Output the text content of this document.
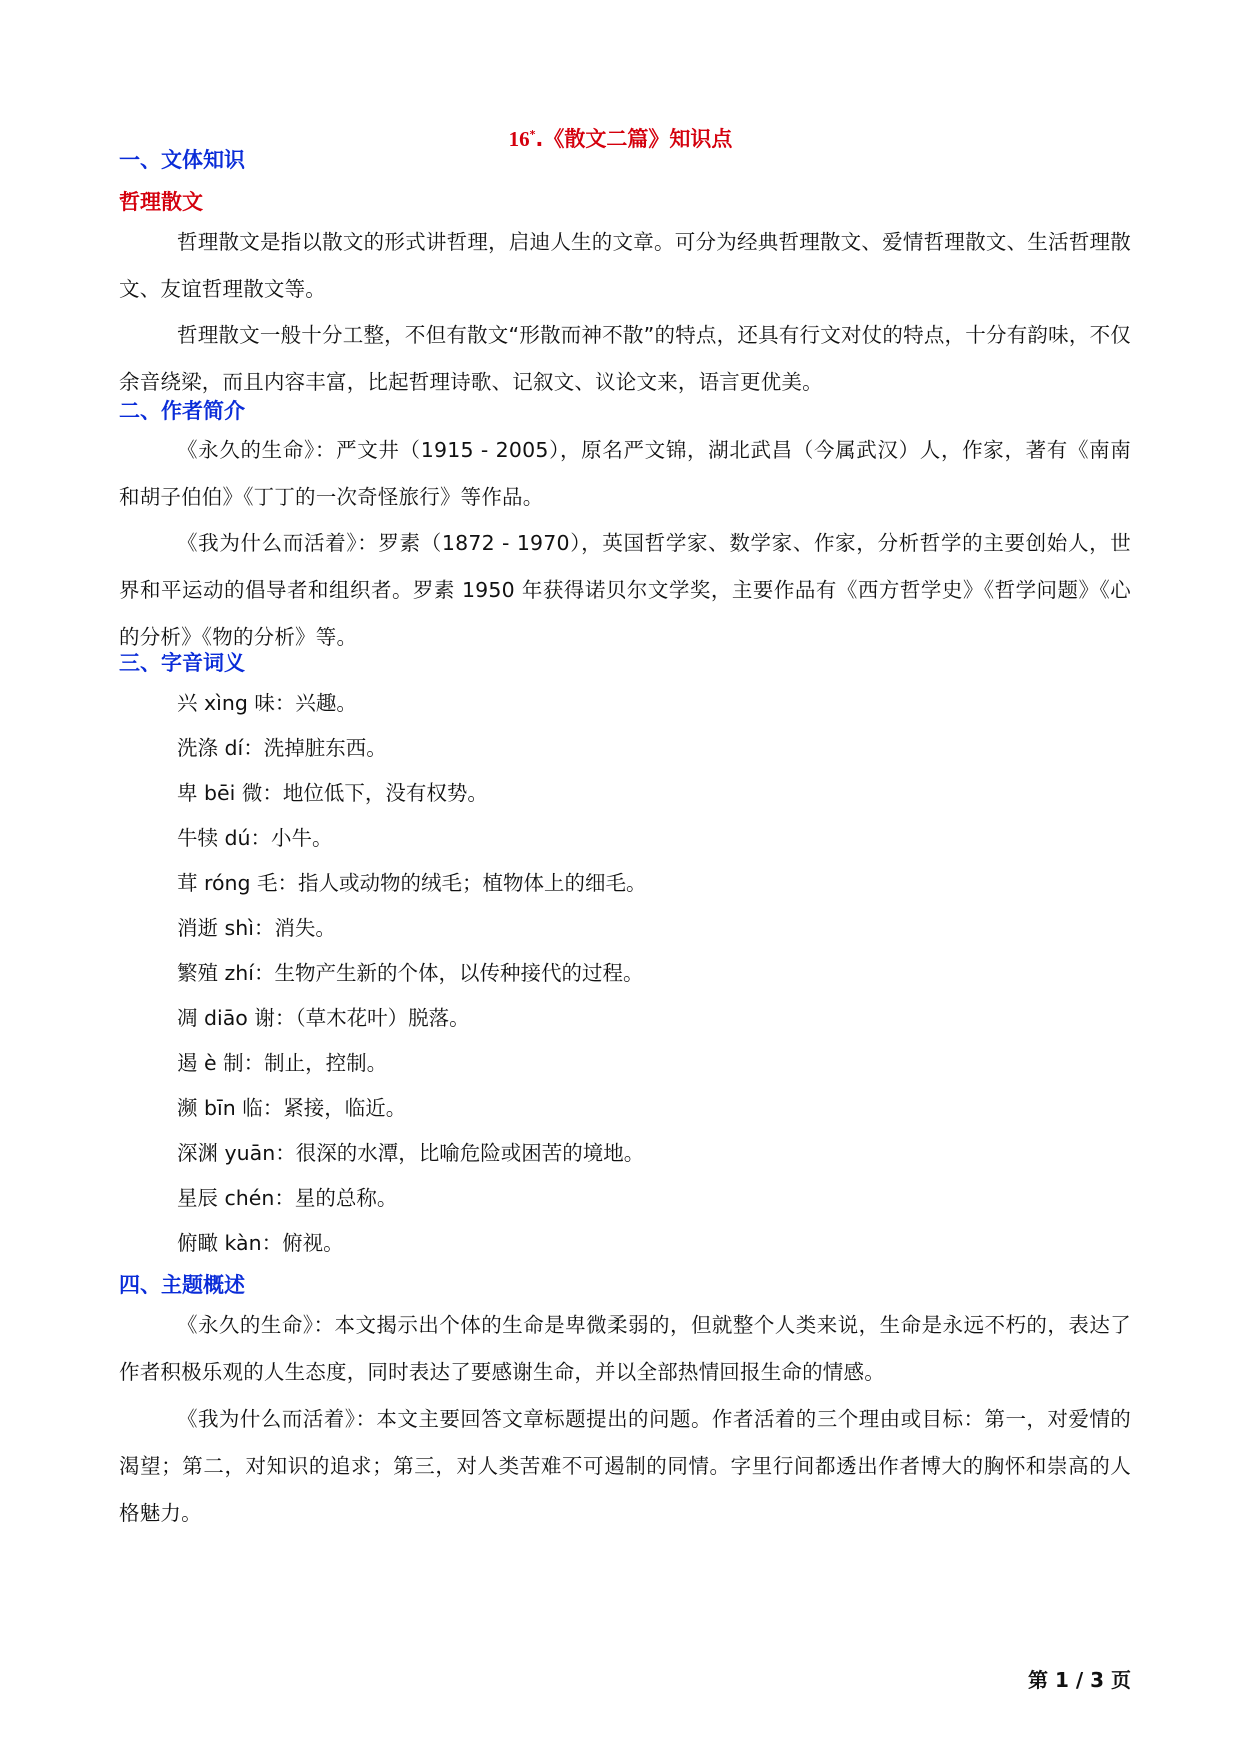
16*.《散文二篇》知识点
一、文体知识
哲理散文
哲理散文是指以散文的形式讲哲理，启迪人生的文章。可分为经典哲理散文、爱情哲理散文、生活哲理散文、友谊哲理散文等。
哲理散文一般十分工整，不但有散文“形散而神不散”的特点，还具有行文对仗的特点，十分有韵味，不仅余音绕梁，而且内容丰富，比起哲理诗歌、记叙文、议论文来，语言更优美。
二、作者简介
《永久的生命》：严文井（1915 - 2005），原名严文锦，湖北武昌（今属武汉）人，作家，著有《南南和胡子伯伯》《丁丁的一次奇怪旅行》等作品。
《我为什么而活着》：罗素（1872 - 1970），英国哲学家、数学家、作家，分析哲学的主要创始人，世界和平运动的倡导者和组织者。罗素 1950 年获得诺贝尔文学奖，主要作品有《西方哲学史》《哲学问题》《心的分析》《物的分析》等。
三、字音词义
兴 xìng 味：兴趣。
洗涤 dí：洗掉脏东西。
卑 bēi 微：地位低下，没有权势。
牛犊 dú：小牛。
茸 róng 毛：指人或动物的绒毛；植物体上的细毛。
消逝 shì：消失。
繁殖 zhí：生物产生新的个体，以传种接代的过程。
凋 diāo 谢：（草木花叶）脱落。
遏 è 制：制止，控制。
濒 bīn 临：紧接，临近。
深渊 yuān：很深的水潭，比喻危险或困苦的境地。
星辰 chén：星的总称。
俯瞰 kàn：俯视。
四、主题概述
《永久的生命》：本文揭示出个体的生命是卑微柔弱的，但就整个人类来说，生命是永远不朽的，表达了作者积极乐观的人生态度，同时表达了要感谢生命，并以全部热情回报生命的情感。
《我为什么而活着》：本文主要回答文章标题提出的问题。作者活着的三个理由或目标：第一，对爱情的渴望；第二，对知识的追求；第三，对人类苦难不可遏制的同情。字里行间都透出作者博大的胸怀和崇高的人格魅力。
第 1 / 3 页
